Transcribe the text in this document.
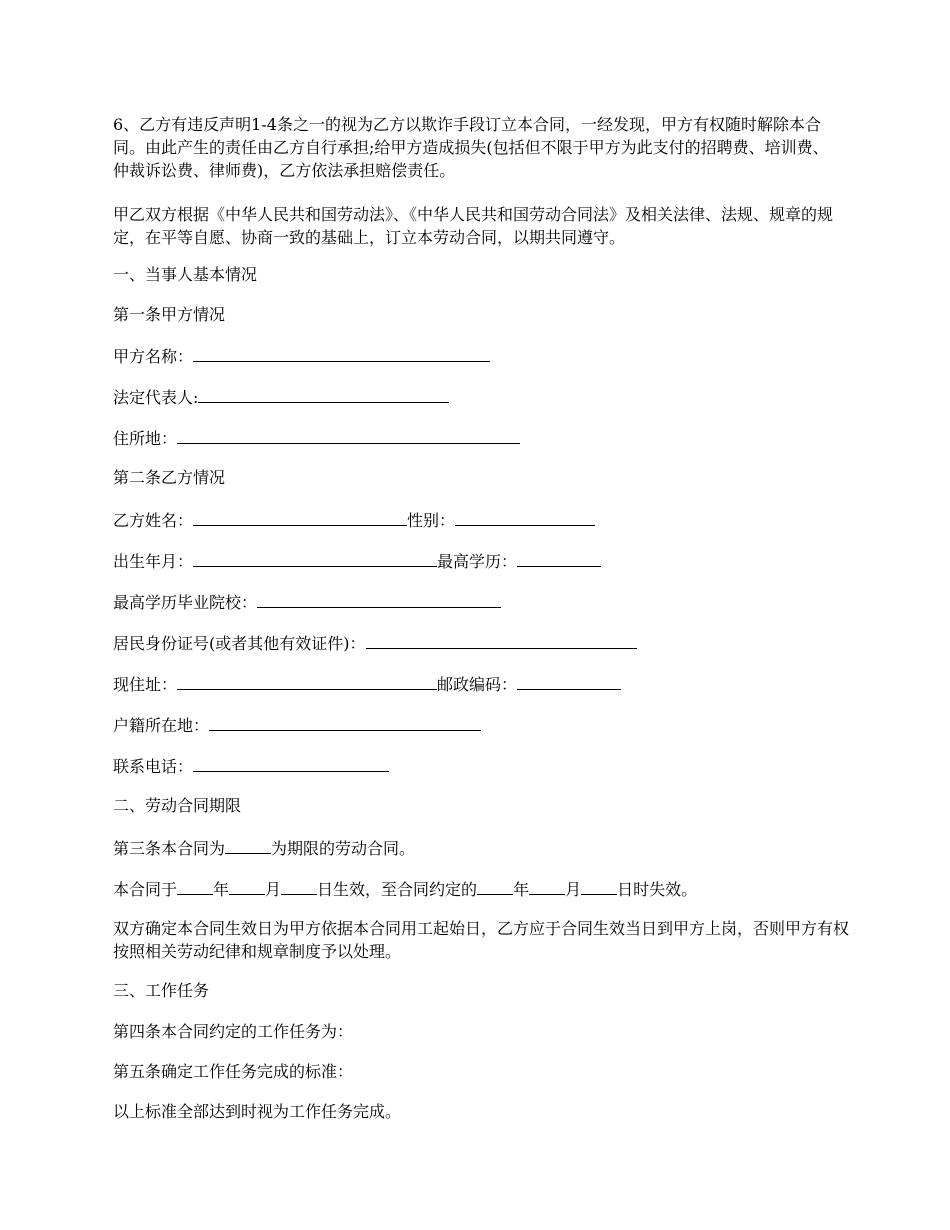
6、乙方有违反声明1-4条之一的视为乙方以欺诈手段订立本合同，一经发现，甲方有权随时解除本合同。由此产生的责任由乙方自行承担;给甲方造成损失(包括但不限于甲方为此支付的招聘费、培训费、仲裁诉讼费、律师费)，乙方依法承担赔偿责任。

甲乙双方根据《中华人民共和国劳动法》、《中华人民共和国劳动合同法》及相关法律、法规、规章的规定，在平等自愿、协商一致的基础上，订立本劳动合同，以期共同遵守。

一、当事人基本情况

第一条甲方情况

甲方名称：

法定代表人:

住所地：

第二条乙方情况

乙方姓名：	性别：

出生年月：	最高学历：

最高学历毕业院校：

居民身份证号(或者其他有效证件)：

现住址：	邮政编码：

户籍所在地：

联系电话：

二、劳动合同期限

第三条本合同为	为期限的劳动合同。

本合同于 年 月 日生效，至合同约定的 年 月 日时失效。

双方确定本合同生效日为甲方依据本合同用工起始日，乙方应于合同生效当日到甲方上岗，否则甲方有权按照相关劳动纪律和规章制度予以处理。

三、工作任务

第四条本合同约定的工作任务为：

第五条确定工作任务完成的标准：

以上标准全部达到时视为工作任务完成。
